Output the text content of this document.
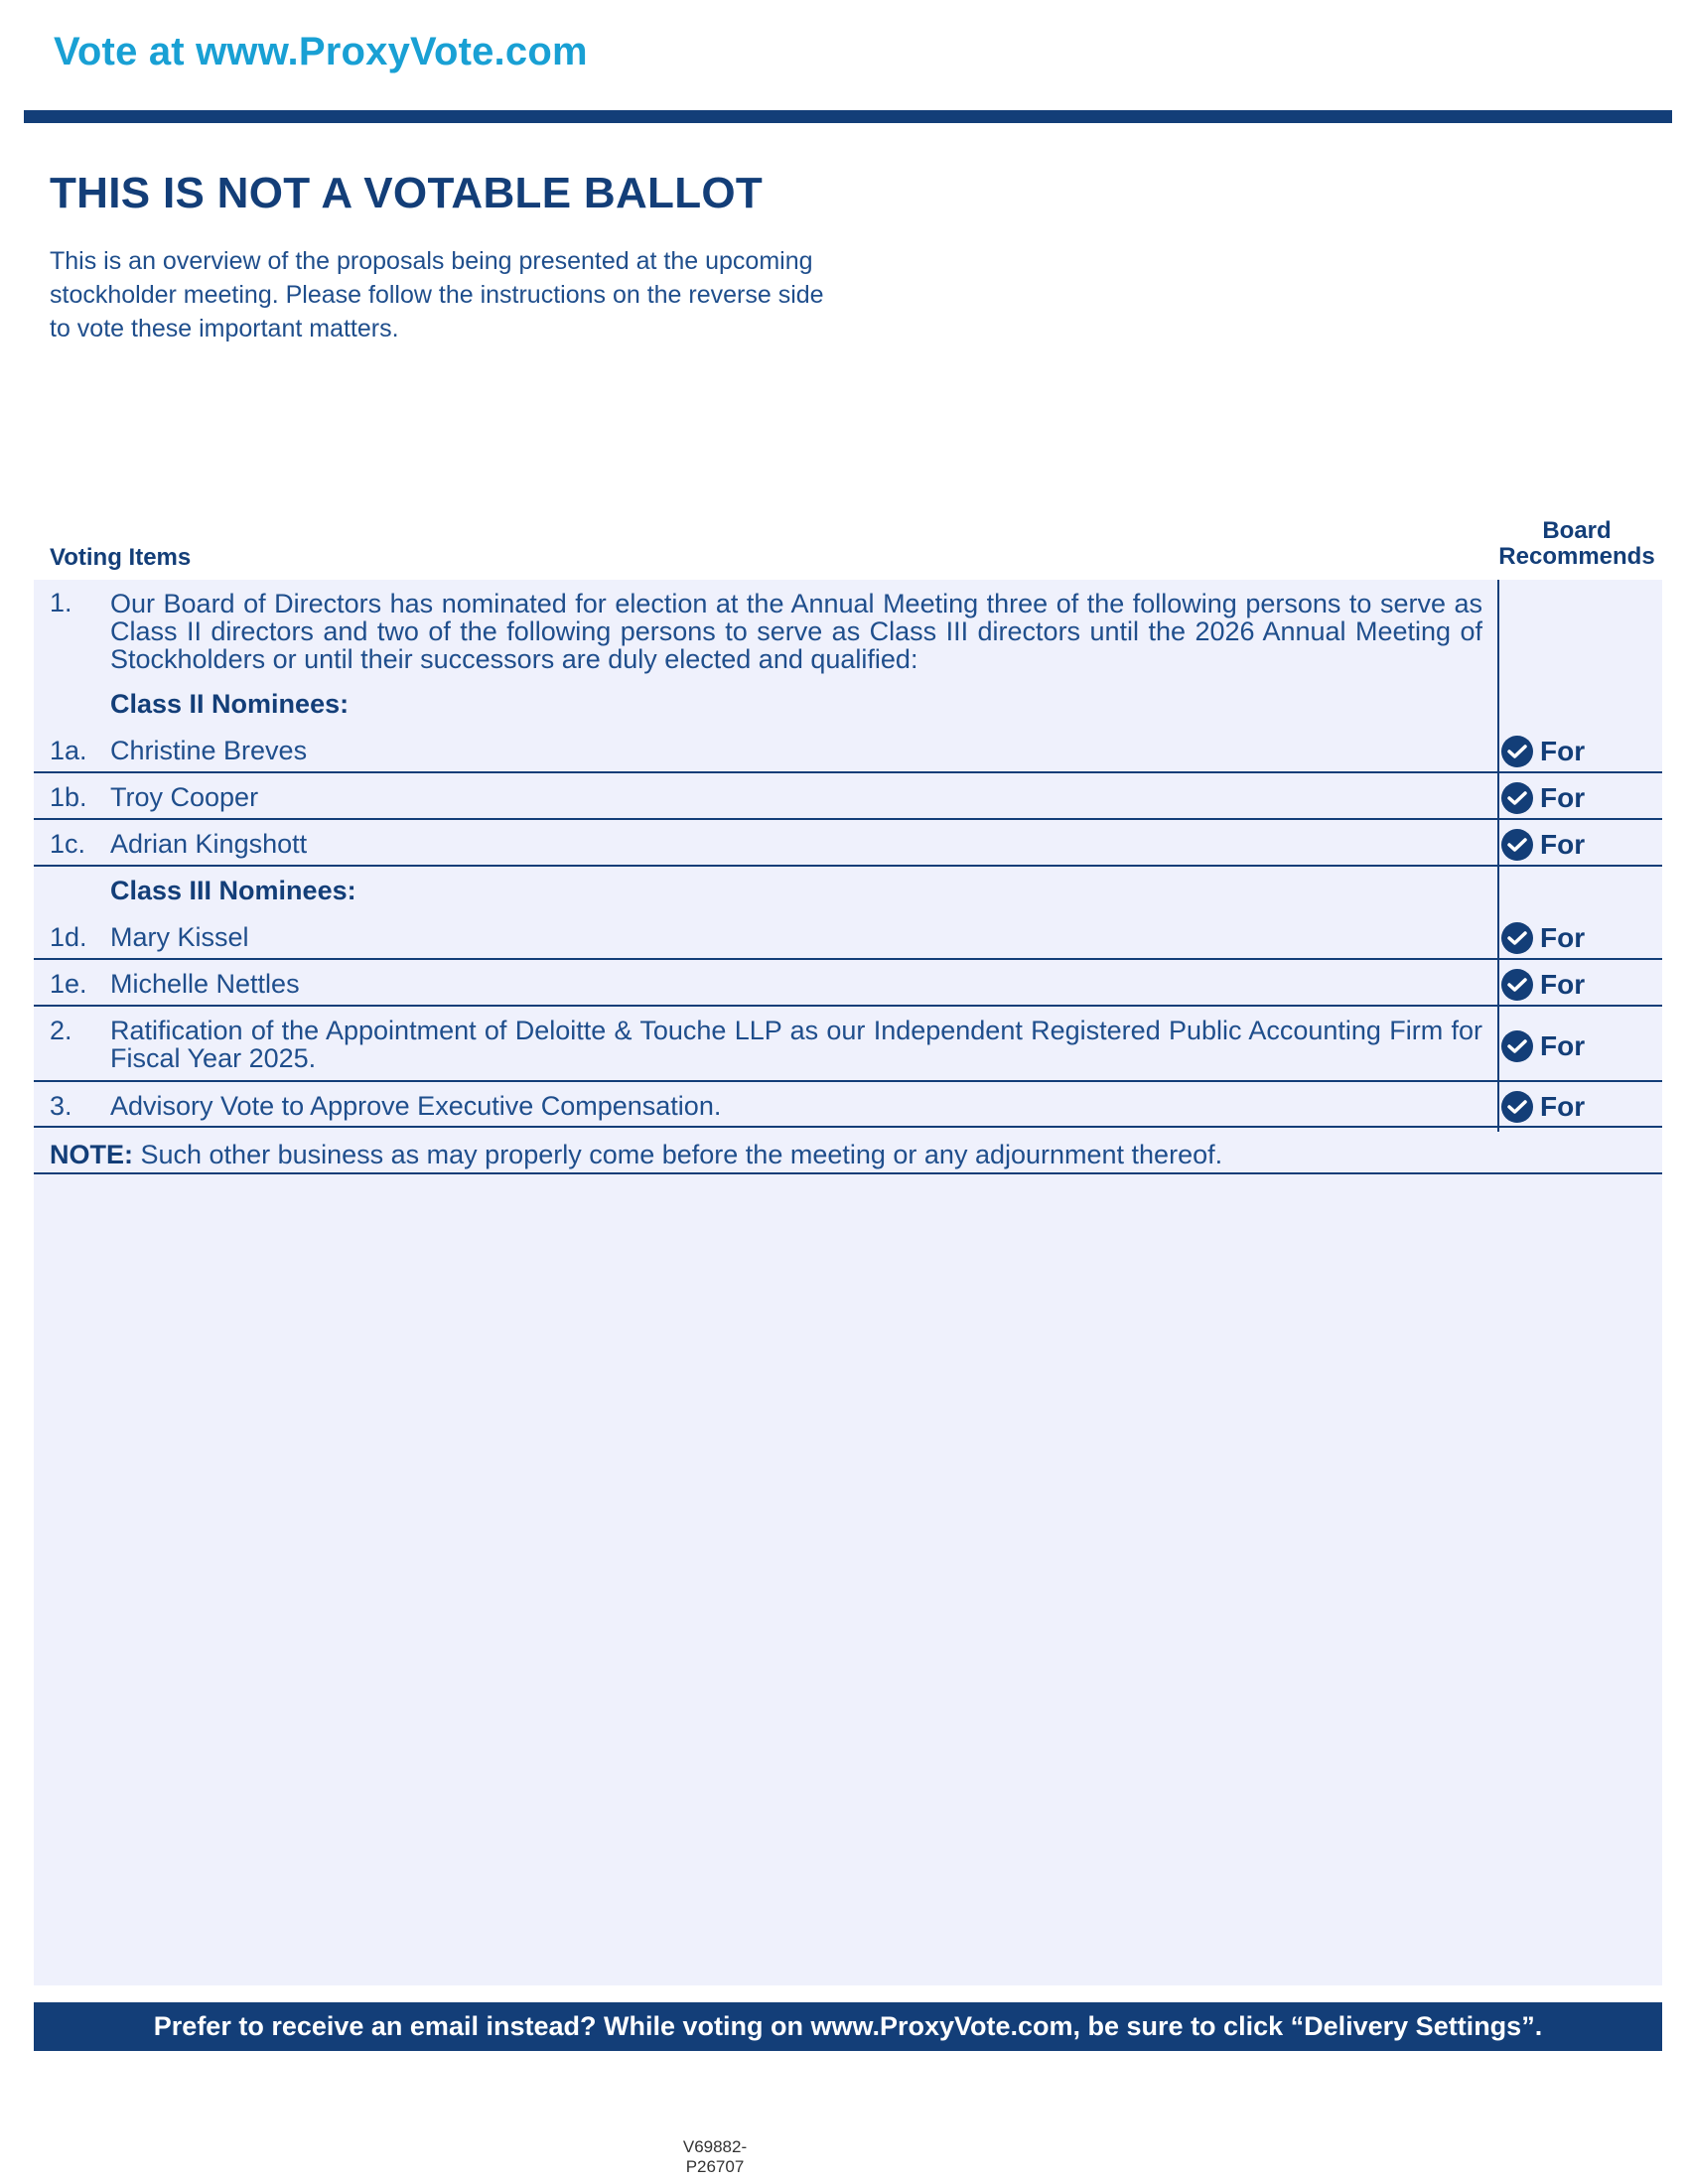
Vote at www.ProxyVote.com
THIS IS NOT A VOTABLE BALLOT
This is an overview of the proposals being presented at the upcoming stockholder meeting. Please follow the instructions on the reverse side to vote these important matters.
Voting Items
Board
Recommends
1. Our Board of Directors has nominated for election at the Annual Meeting three of the following persons to serve as Class II directors and two of the following persons to serve as Class III directors until the 2026 Annual Meeting of Stockholders or until their successors are duly elected and qualified:
Class II Nominees:
1a. Christine Breves	For
1b. Troy Cooper	For
1c. Adrian Kingshott	For
Class III Nominees:
1d. Mary Kissel	For
1e. Michelle Nettles	For
2. Ratification of the Appointment of Deloitte & Touche LLP as our Independent Registered Public Accounting Firm for Fiscal Year 2025.	For
3. Advisory Vote to Approve Executive Compensation.	For
NOTE: Such other business as may properly come before the meeting or any adjournment thereof.
Prefer to receive an email instead? While voting on www.ProxyVote.com, be sure to click “Delivery Settings”.
V69882-P26707
